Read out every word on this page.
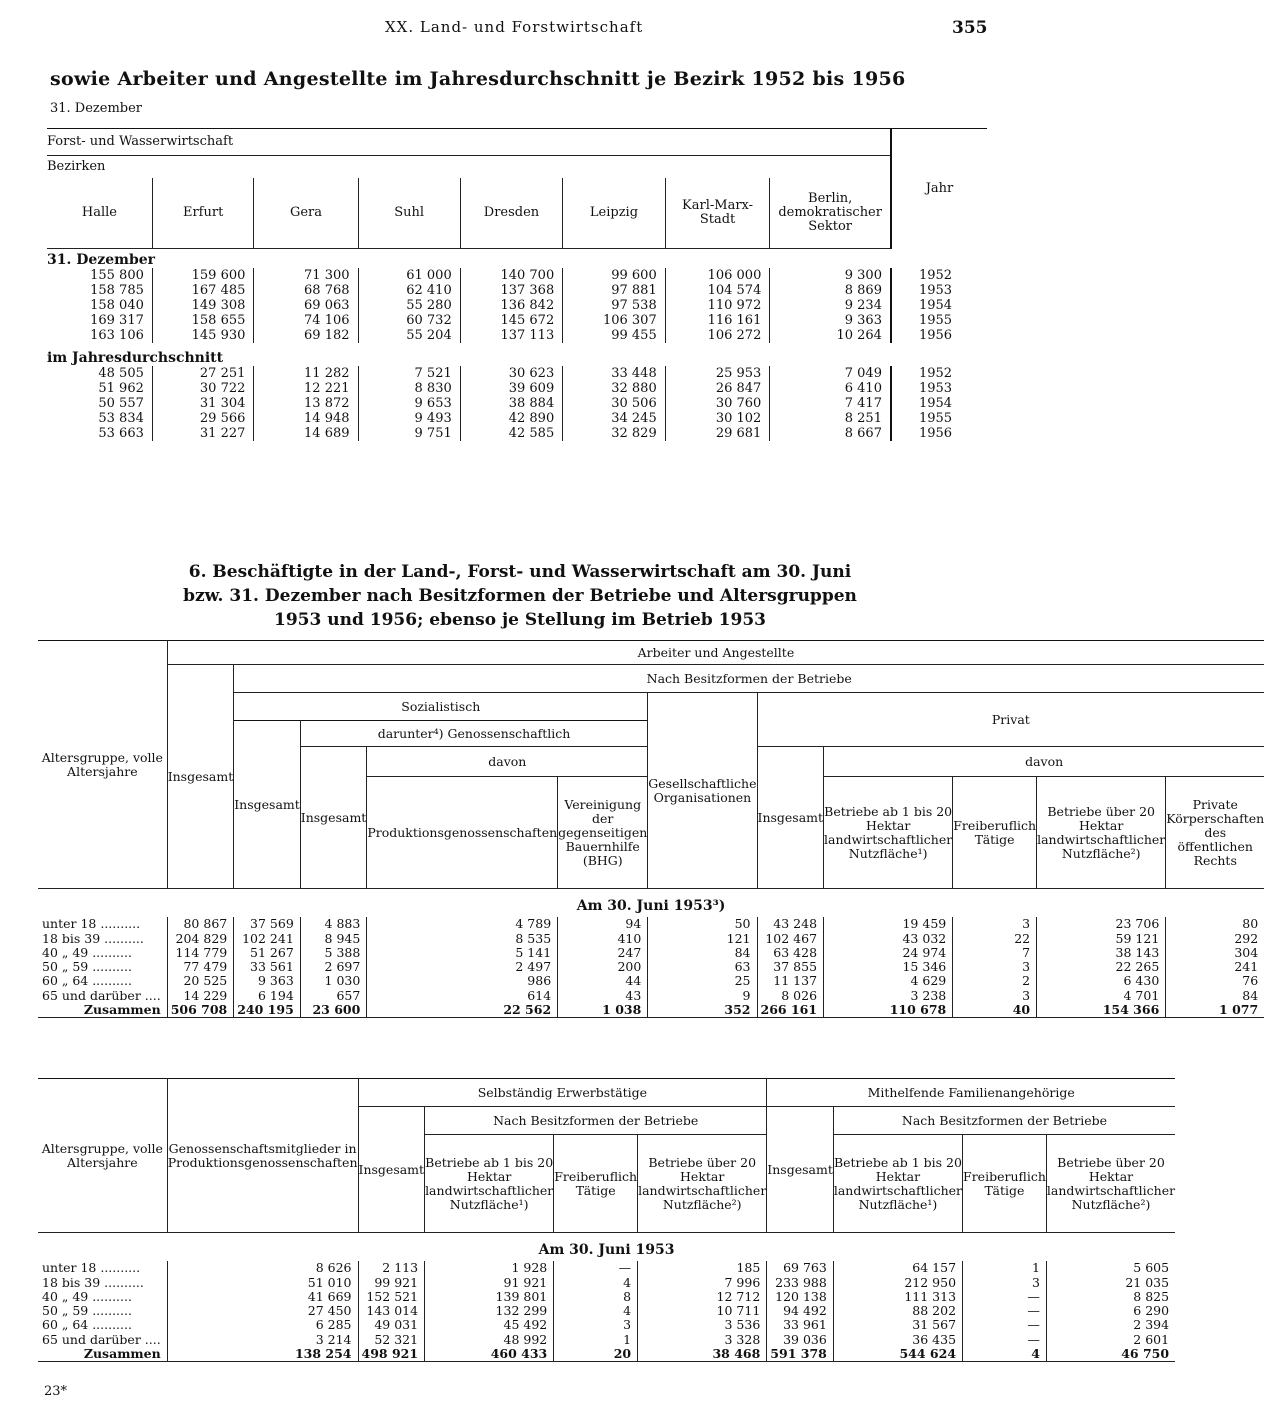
XX. Land- und Forstwirtschaft	355
sowie Arbeiter und Angestellte im Jahresdurchschnitt je Bezirk 1952 bis 1956
31. Dezember
Forst- und Wasserwirtschaft								Jahr
Bezirken								
Halle	Erfurt	Gera	Suhl	Dresden	Leipzig	Karl-Marx-Stadt	Berlin, demokratischer Sektor	
31. Dezember								
155 800	159 600	71 300	61 000	140 700	99 600	106 000	9 300	1952
158 785	167 485	68 768	62 410	137 368	97 881	104 574	8 869	1953
158 040	149 308	69 063	55 280	136 842	97 538	110 972	9 234	1954
169 317	158 655	74 106	60 732	145 672	106 307	116 161	9 363	1955
163 106	145 930	69 182	55 204	137 113	99 455	106 272	10 264	1956
im Jahresdurchschnitt								
48 505	27 251	11 282	7 521	30 623	33 448	25 953	7 049	1952
51 962	30 722	12 221	8 830	39 609	32 880	26 847	6 410	1953
50 557	31 304	13 872	9 653	38 884	30 506	30 760	7 417	1954
53 834	29 566	14 948	9 493	42 890	34 245	30 102	8 251	1955
53 663	31 227	14 689	9 751	42 585	32 829	29 681	8 667	1956
6. Beschäftigte in der Land-, Forst- und Wasserwirtschaft am 30. Juni
bzw. 31. Dezember nach Besitzformen der Betriebe und Altersgruppen
1953 und 1956; ebenso je Stellung im Betrieb 1953
Altersgruppe, volle Altersjahre	Arbeiter und Angestellte										
	Insgesamt	Nach Besitzformen der Betriebe									
		Sozialistisch				Gesellschaftliche Organisationen	Privat				
		Insgesamt	darunter⁴) Genossenschaftlich								
			Insgesamt	davon			Insgesamt	davon			
				Produktionsgenossenschaften	Vereinigung der gegenseitigen Bauernhilfe (BHG)			Betriebe ab 1 bis 20 Hektar landwirtschaftlicher Nutzfläche¹)	Freiberuflich Tätige	Betriebe über 20 Hektar landwirtschaftlicher Nutzfläche²)	Private Körperschaften des öffentlichen Rechts
Am 30. Juni 1953³)											
unter 18 ..........	80 867	37 569	4 883	4 789	94	50	43 248	19 459	3	23 706	80
18 bis 39 ..........	204 829	102 241	8 945	8 535	410	121	102 467	43 032	22	59 121	292
40 „ 49 ..........	114 779	51 267	5 388	5 141	247	84	63 428	24 974	7	38 143	304
50 „ 59 ..........	77 479	33 561	2 697	2 497	200	63	37 855	15 346	3	22 265	241
60 „ 64 ..........	20 525	9 363	1 030	986	44	25	11 137	4 629	2	6 430	76
65 und darüber ....	14 229	6 194	657	614	43	9	8 026	3 238	3	4 701	84
Zusammen	506 708	240 195	23 600	22 562	1 038	352	266 161	110 678	40	154 366	1 077
Altersgruppe, volle Altersjahre	Genossenschaftsmitglieder in Produktionsgenossenschaften	Selbständig Erwerbstätige				Mithelfende Familienangehörige			
		Insgesamt	Nach Besitzformen der Betriebe			Insgesamt	Nach Besitzformen der Betriebe		
			Betriebe ab 1 bis 20 Hektar landwirtschaftlicher Nutzfläche¹)	Freiberuflich Tätige	Betriebe über 20 Hektar landwirtschaftlicher Nutzfläche²)		Betriebe ab 1 bis 20 Hektar landwirtschaftlicher Nutzfläche¹)	Freiberuflich Tätige	Betriebe über 20 Hektar landwirtschaftlicher Nutzfläche²)
Am 30. Juni 1953									
unter 18 ..........	8 626	2 113	1 928	—	185	69 763	64 157	1	5 605
18 bis 39 ..........	51 010	99 921	91 921	4	7 996	233 988	212 950	3	21 035
40 „ 49 ..........	41 669	152 521	139 801	8	12 712	120 138	111 313	—	8 825
50 „ 59 ..........	27 450	143 014	132 299	4	10 711	94 492	88 202	—	6 290
60 „ 64 ..........	6 285	49 031	45 492	3	3 536	33 961	31 567	—	2 394
65 und darüber ....	3 214	52 321	48 992	1	3 328	39 036	36 435	—	2 601
Zusammen	138 254	498 921	460 433	20	38 468	591 378	544 624	4	46 750
23*
